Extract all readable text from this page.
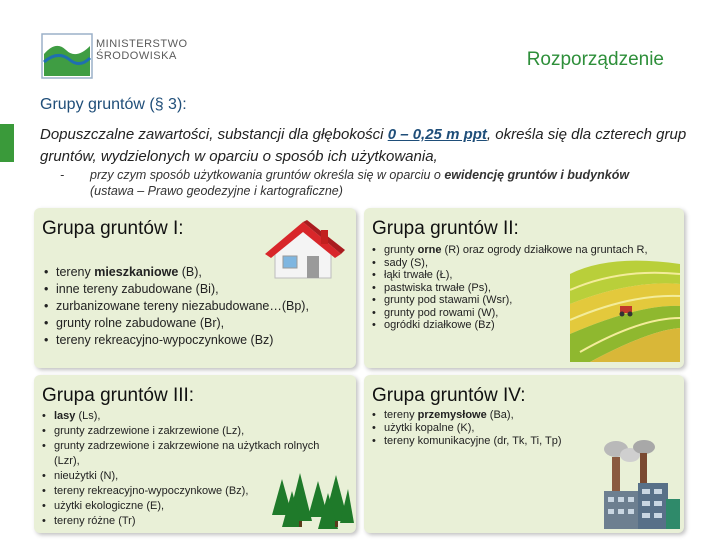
MINISTERSTWO
ŚRODOWISKA	Rozporządzenie
Grupy gruntów (§ 3):
Dopuszczalne zawartości, substancji dla głębokości 0 – 0,25 m ppt, określa się dla czterech grup gruntów, wydzielonych w oparciu o sposób ich użytkowania,
- przy czym sposób użytkowania gruntów określa się w oparciu o ewidencję gruntów i budynków (ustawa – Prawo geodezyjne i kartograficzne)
Grupa gruntów I:
• tereny mieszkaniowe (B),
• inne tereny zabudowane (Bi),
• zurbanizowane tereny niezabudowane…(Bp),
• grunty rolne zabudowane (Br),
• tereny rekreacyjno-wypoczynkowe (Bz)
Grupa gruntów II:
• grunty orne (R) oraz ogrody działkowe na gruntach R,
• sady (S),
• łąki trwałe (Ł),
• pastwiska trwałe (Ps),
• grunty pod stawami (Wsr),
• grunty pod rowami (W),
• ogródki działkowe (Bz)
Grupa gruntów III:
• lasy (Ls),
• grunty zadrzewione i zakrzewione (Lz),
• grunty zadrzewione i zakrzewione na użytkach rolnych (Lzr),
• nieużytki (N),
• tereny rekreacyjno-wypoczynkowe (Bz),
• użytki ekologiczne (E),
• tereny różne (Tr)
Grupa gruntów IV:
• tereny przemysłowe (Ba),
• użytki kopalne (K),
• tereny komunikacyjne (dr, Tk, Ti, Tp)
